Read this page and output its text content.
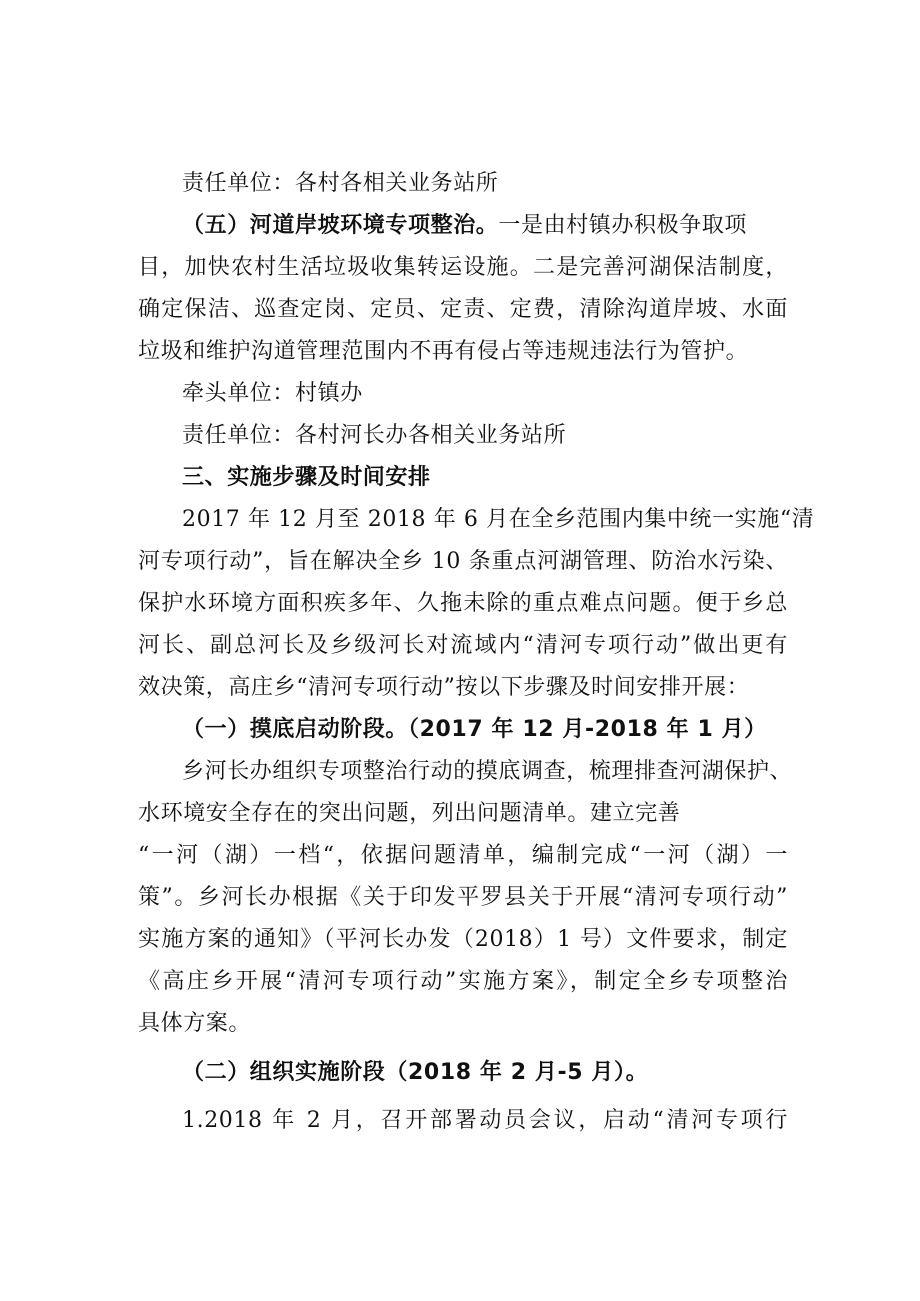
责任单位：各村各相关业务站所
（五）河道岸坡环境专项整治。一是由村镇办积极争取项
目，加快农村生活垃圾收集转运设施。二是完善河湖保洁制度，
确定保洁、巡查定岗、定员、定责、定费，清除沟道岸坡、水面
垃圾和维护沟道管理范围内不再有侵占等违规违法行为管护。
牵头单位：村镇办
责任单位：各村河长办各相关业务站所
三、实施步骤及时间安排
2017 年 12 月至 2018 年 6 月在全乡范围内集中统一实施“清
河专项行动”，旨在解决全乡 10 条重点河湖管理、防治水污染、
保护水环境方面积疾多年、久拖未除的重点难点问题。便于乡总
河长、副总河长及乡级河长对流域内“清河专项行动”做出更有
效决策，高庄乡“清河专项行动”按以下步骤及时间安排开展：
（一）摸底启动阶段。（2017 年 12 月-2018 年 1 月）
乡河长办组织专项整治行动的摸底调查，梳理排查河湖保护、
水环境安全存在的突出问题，列出问题清单。建立完善
“一河（湖）一档“，依据问题清单，编制完成“一河（湖）一
策”。乡河长办根据《关于印发平罗县关于开展“清河专项行动”
实施方案的通知》（平河长办发（2018）1 号）文件要求，制定
《高庄乡开展“清河专项行动”实施方案》，制定全乡专项整治
具体方案。
（二）组织实施阶段（2018 年 2 月-5 月）。
1.2018 年 2 月，召开部署动员会议，启动“清河专项行
